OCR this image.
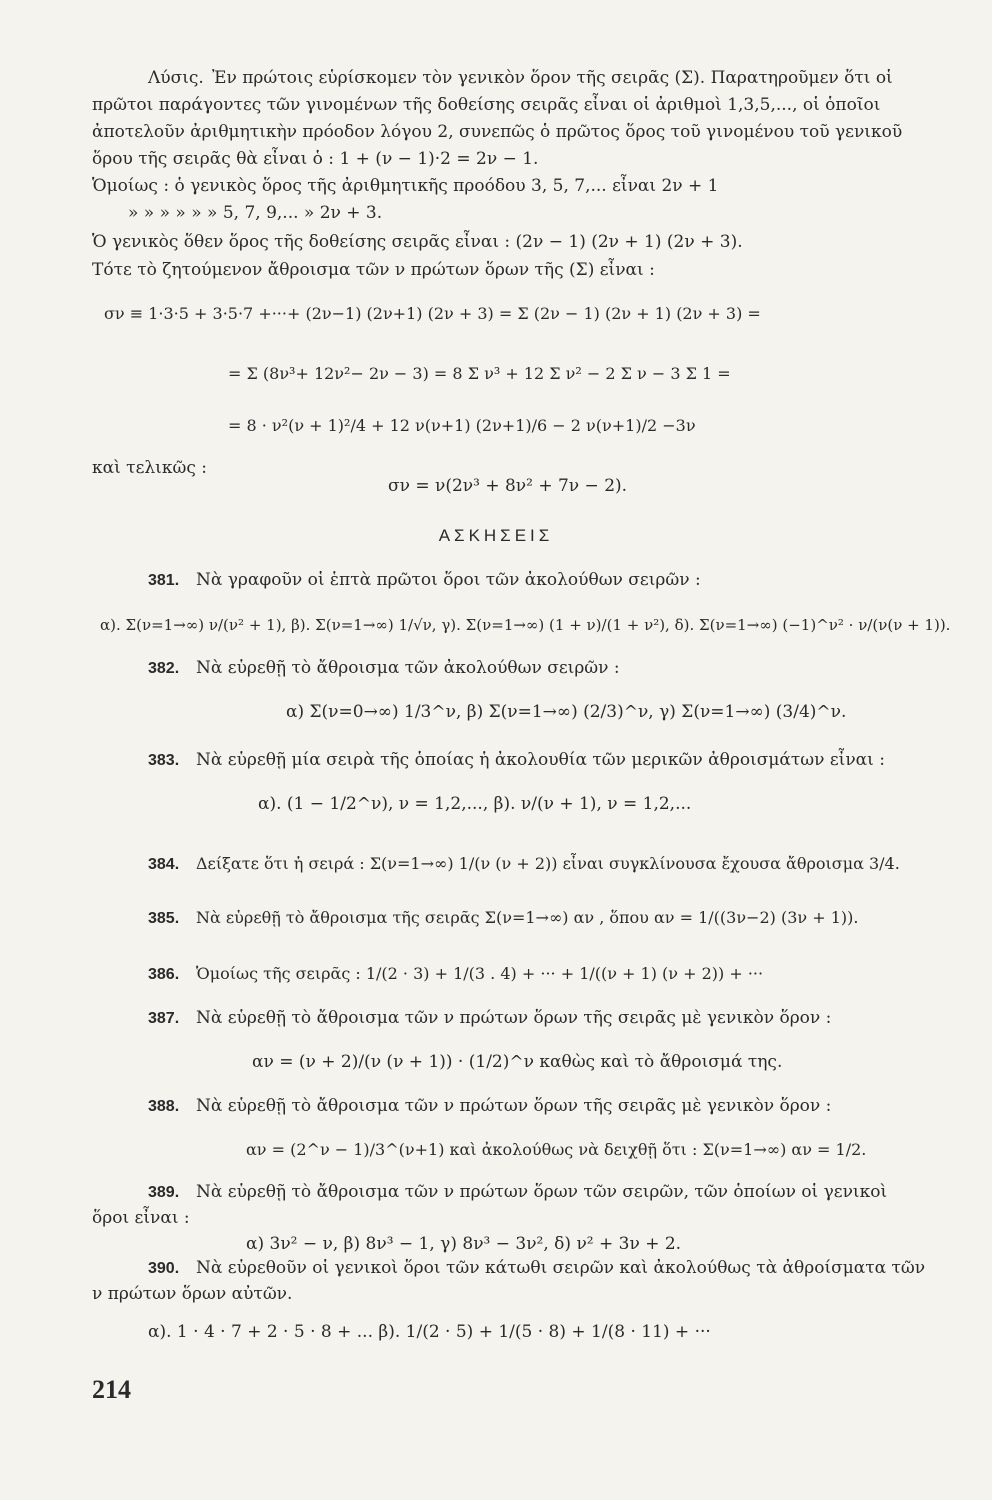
Λύσις. Ἐν πρώτοις εὑρίσκομεν τὸν γενικὸν ὅρον τῆς σειρᾶς (Σ). Παρατηροῦμεν ὅτι οἱ
πρῶτοι παράγοντες τῶν γινομένων τῆς δοθείσης σειρᾶς εἶναι οἱ ἀριθμοὶ 1,3,5,..., οἱ ὁποῖοι
ἀποτελοῦν ἀριθμητικὴν πρόοδον λόγου 2, συνεπῶς ὁ πρῶτος ὅρος τοῦ γινομένου τοῦ γενικοῦ
ὅρου τῆς σειρᾶς θὰ εἶναι ὁ : 1 + (ν − 1)·2 = 2ν − 1.
Ὁμοίως : ὁ γενικὸς ὅρος τῆς ἀριθμητικῆς προόδου 3, 5, 7,... εἶναι 2ν + 1
» » » » » » 5, 7, 9,... » 2ν + 3.
Ὁ γενικὸς ὅθεν ὅρος τῆς δοθείσης σειρᾶς εἶναι : (2ν − 1) (2ν + 1) (2ν + 3).
Τότε τὸ ζητούμενον ἄθροισμα τῶν ν πρώτων ὅρων τῆς (Σ) εἶναι :
σν ≡ 1·3·5 + 3·5·7 +···+ (2ν−1) (2ν+1) (2ν + 3) = Σ (2ν − 1) (2ν + 1) (2ν + 3) =
= Σ (8ν³+ 12ν²− 2ν − 3) = 8 Σ ν³ + 12 Σ ν² − 2 Σ ν − 3 Σ 1 =
= 8 · ν²(ν + 1)²/4 + 12 ν(ν+1) (2ν+1)/6 − 2 ν(ν+1)/2 −3ν
καὶ τελικῶς :
σν = ν(2ν³ + 8ν² + 7ν − 2).
ΑΣΚΗΣΕΙΣ
381. Νὰ γραφοῦν οἱ ἑπτὰ πρῶτοι ὅροι τῶν ἀκολούθων σειρῶν :
α). Σ(ν=1→∞) ν/(ν² + 1), β). Σ(ν=1→∞) 1/√ν, γ). Σ(ν=1→∞) (1 + ν)/(1 + ν²), δ). Σ(ν=1→∞) (−1)^ν² · ν/(ν(ν + 1)).
382. Νὰ εὑρεθῇ τὸ ἄθροισμα τῶν ἀκολούθων σειρῶν :
α) Σ(ν=0→∞) 1/3^ν, β) Σ(ν=1→∞) (2/3)^ν, γ) Σ(ν=1→∞) (3/4)^ν.
383. Νὰ εὑρεθῇ μία σειρὰ τῆς ὁποίας ἡ ἀκολουθία τῶν μερικῶν ἀθροισμάτων εἶναι :
α). (1 − 1/2^ν), ν = 1,2,..., β). ν/(ν + 1), ν = 1,2,...
384. Δείξατε ὅτι ἡ σειρά : Σ(ν=1→∞) 1/(ν (ν + 2)) εἶναι συγκλίνουσα ἔχουσα ἄθροισμα 3/4.
385. Νὰ εὑρεθῇ τὸ ἄθροισμα τῆς σειρᾶς Σ(ν=1→∞) αν , ὅπου αν = 1/((3ν−2) (3ν + 1)).
386. Ὁμοίως τῆς σειρᾶς : 1/(2 · 3) + 1/(3 . 4) + ··· + 1/((ν + 1) (ν + 2)) + ···
387. Νὰ εὑρεθῇ τὸ ἄθροισμα τῶν ν πρώτων ὅρων τῆς σειρᾶς μὲ γενικὸν ὅρον :
αν = (ν + 2)/(ν (ν + 1)) · (1/2)^ν καθὼς καὶ τὸ ἄθροισμά της.
388. Νὰ εὑρεθῇ τὸ ἄθροισμα τῶν ν πρώτων ὅρων τῆς σειρᾶς μὲ γενικὸν ὅρον :
αν = (2^ν − 1)/3^(ν+1) καὶ ἀκολούθως νὰ δειχθῇ ὅτι : Σ(ν=1→∞) αν = 1/2.
389. Νὰ εὑρεθῇ τὸ ἄθροισμα τῶν ν πρώτων ὅρων τῶν σειρῶν, τῶν ὁποίων οἱ γενικοὶ
ὅροι εἶναι :
α) 3ν² − ν, β) 8ν³ − 1, γ) 8ν³ − 3ν², δ) ν² + 3ν + 2.
390. Νὰ εὑρεθοῦν οἱ γενικοὶ ὅροι τῶν κάτωθι σειρῶν καὶ ἀκολούθως τὰ ἀθροίσματα τῶν
ν πρώτων ὅρων αὐτῶν.
α). 1 · 4 · 7 + 2 · 5 · 8 + ... β). 1/(2 · 5) + 1/(5 · 8) + 1/(8 · 11) + ···
214
